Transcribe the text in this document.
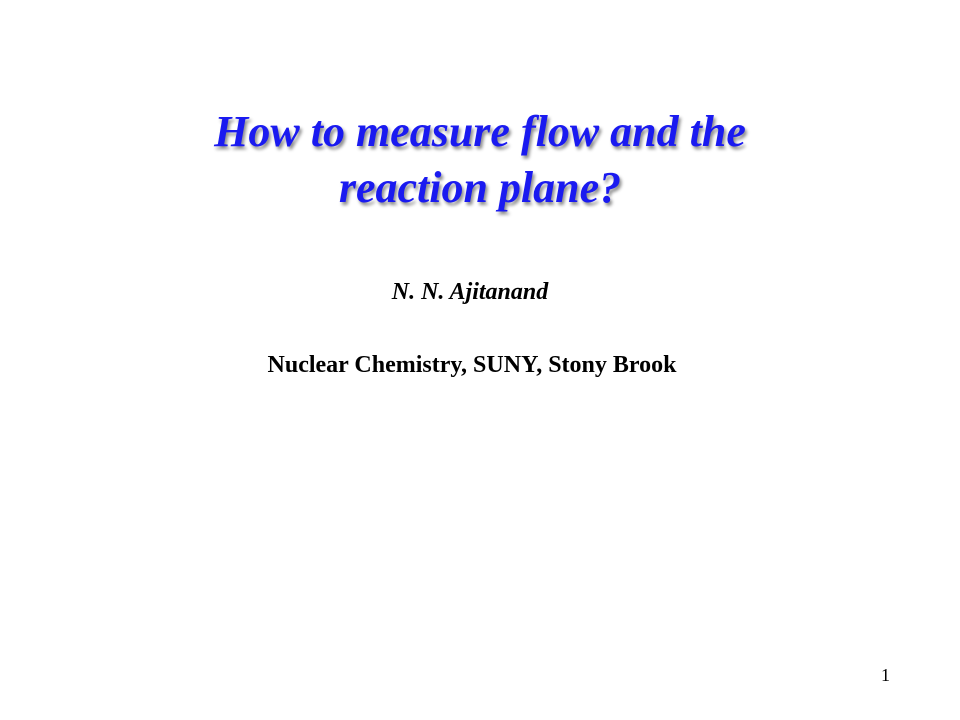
How to measure flow and the
reaction plane?
N. N. Ajitanand
Nuclear Chemistry, SUNY, Stony Brook
1
